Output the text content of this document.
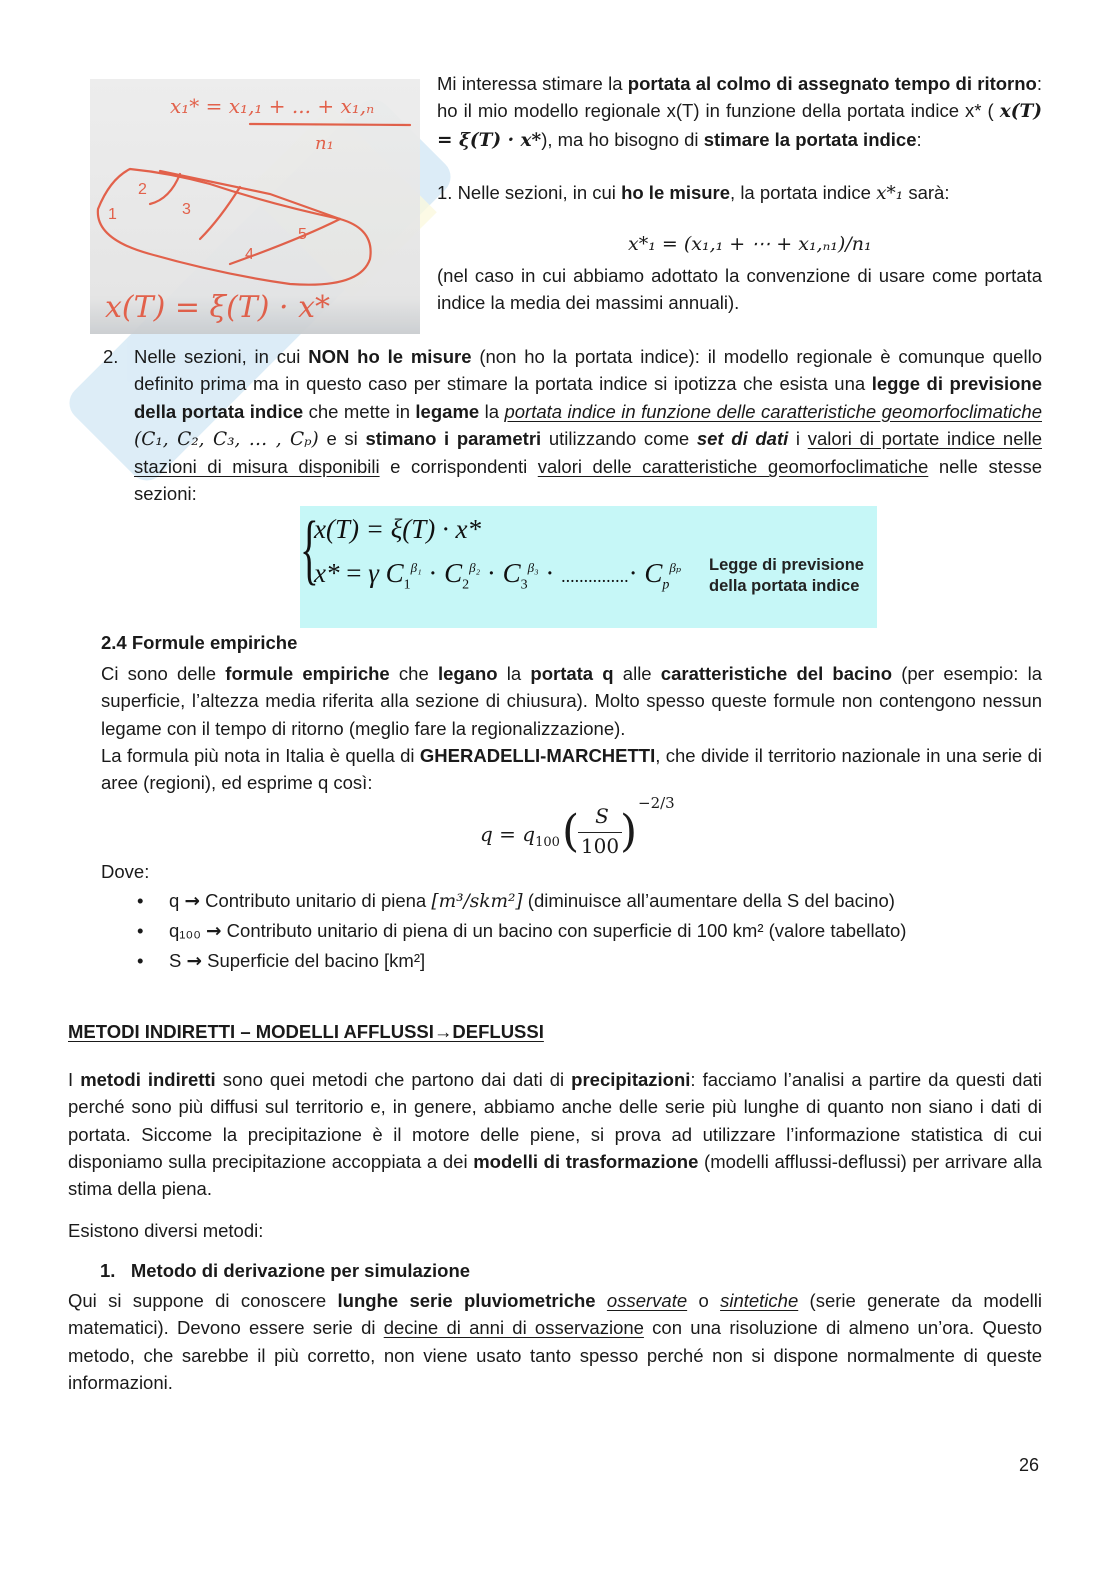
x₁* = x₁,₁ + ... + x₁,ₙ
n₁
2
1	3
4
5
x(T) = ξ(T) · x*
Mi interessa stimare la portata al colmo di assegnato tempo di ritorno: ho il mio modello regionale x(T) in funzione della portata indice x* ( x(T) = ξ(T) · x*), ma ho bisogno di stimare la portata indice:
1. Nelle sezioni, in cui ho le misure, la portata indice x*₁ sarà:
x*₁ = (x₁,₁ + ⋯ + x₁,ₙ₁)/n₁
(nel caso in cui abbiamo adottato la convenzione di usare come portata indice la media dei massimi annuali).
2. Nelle sezioni, in cui NON ho le misure (non ho la portata indice): il modello regionale è comunque quello definito prima ma in questo caso per stimare la portata indice si ipotizza che esista una legge di previsione della portata indice che mette in legame la portata indice in funzione delle caratteristiche geomorfoclimatiche (C₁, C₂, C₃, … , Cₚ) e si stimano i parametri utilizzando come set di dati i valori di portate indice nelle stazioni di misura disponibili e corrispondenti valori delle caratteristiche geomorfoclimatiche nelle stesse sezioni:
{
x(T) = ξ(T) · x*
x* = γ $C_1^{\beta_1} \cdot C_2^{\beta_2} \cdot C_3^{\beta_3}$ · ...............· $C_p^{\beta_p}$ Legge di previsione
della portata indice
2.4 Formule empiriche
Ci sono delle formule empiriche che legano la portata q alle caratteristiche del bacino (per esempio: la superficie, l’altezza media riferita alla sezione di chiusura). Molto spesso queste formule non contengono nessun legame con il tempo di ritorno (meglio fare la regionalizzazione).
La formula più nota in Italia è quella di GHERADELLI-MARCHETTI, che divide il territorio nazionale in una serie di aree (regioni), ed esprime q così:
$q = q_{100}$ ( S
100 )
−2/3
Dove:
• q → Contributo unitario di piena [m³/skm²] (diminuisce all’aumentare della S del bacino)
• q₁₀₀ → Contributo unitario di piena di un bacino con superficie di 100 km² (valore tabellato)
• S → Superficie del bacino [km²]
METODI INDIRETTI – MODELLI AFFLUSSI→DEFLUSSI
I metodi indiretti sono quei metodi che partono dai dati di precipitazioni: facciamo l’analisi a partire da questi dati perché sono più diffusi sul territorio e, in genere, abbiamo anche delle serie più lunghe di quanto non siano i dati di portata. Siccome la precipitazione è il motore delle piene, si prova ad utilizzare l’informazione statistica di cui disponiamo sulla precipitazione accoppiata a dei modelli di trasformazione (modelli afflussi-deflussi) per arrivare alla stima della piena.
Esistono diversi metodi:
1.   Metodo di derivazione per simulazione
Qui si suppone di conoscere lunghe serie pluviometriche osservate o sintetiche (serie generate da modelli matematici). Devono essere serie di decine di anni di osservazione con una risoluzione di almeno un’ora. Questo metodo, che sarebbe il più corretto, non viene usato tanto spesso perché non si dispone normalmente di queste informazioni.
26
